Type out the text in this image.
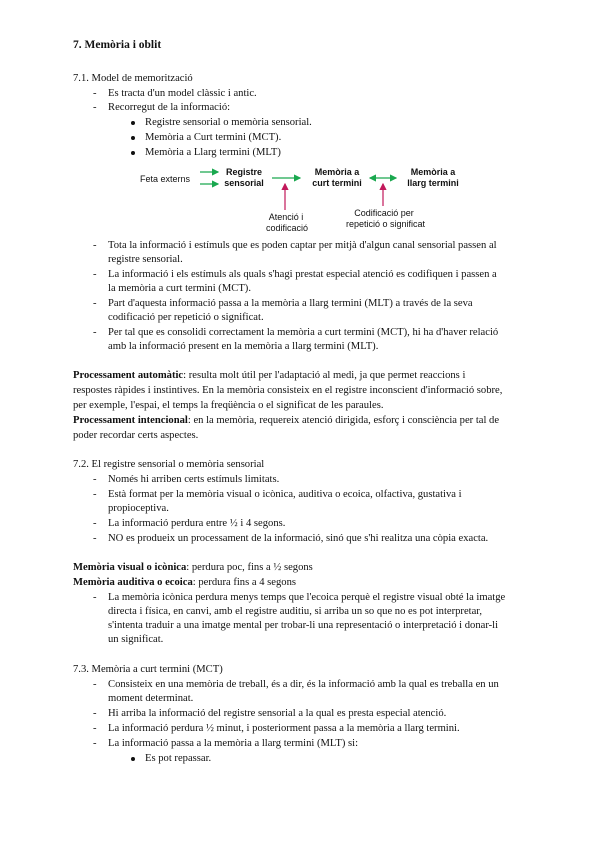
7. Memòria i oblit
7.1. Model de memorització
- Es tracta d'un model clàssic i antic.
- Recorregut de la informació:
Registre sensorial o memòria sensorial.
Memòria a Curt termini (MCT).
Memòria a Llarg termini (MLT)
Feta externs
Registre
sensorial
Memòria a
curt termini
Memòria a
llarg termini
Atenció i
codificació
Codificació per
repetició o significat
- Tota la informació i estímuls que es poden captar per mitjà d'algun canal sensorial passen al
registre sensorial.
- La informació i els estímuls als quals s'hagi prestat especial atenció es codifiquen i passen a
la memòria a curt termini (MCT).
- Part d'aquesta informació passa a la memòria a llarg termini (MLT) a través de la seva
codificació per repetició o significat.
- Per tal que es consolidi correctament la memòria a curt termini (MCT), hi ha d'haver relació
amb la informació present en la memòria a llarg termini (MLT).
Processament automàtic: resulta molt útil per l'adaptació al medi, ja que permet reaccions i
respostes ràpides i instintives. En la memòria consisteix en el registre inconscient d'informació sobre,
per exemple, l'espai, el temps la freqüència o el significat de les paraules.
Processament intencional: en la memòria, requereix atenció dirigida, esforç i consciència per tal de
poder recordar certs aspectes.
7.2. El registre sensorial o memòria sensorial
- Només hi arriben certs estímuls limitats.
- Està format per la memòria visual o icònica, auditiva o ecoica, olfactiva, gustativa i
propioceptiva.
- La informació perdura entre ½ i 4 segons.
- NO es produeix un processament de la informació, sinó que s'hi realitza una còpia exacta.
Memòria visual o icònica: perdura poc, fins a ½ segons
Memòria auditiva o ecoica: perdura fins a 4 segons
- La memòria icònica perdura menys temps que l'ecoica perquè el registre visual obté la imatge
directa i física, en canvi, amb el registre auditiu, si arriba un so que no es pot interpretar,
s'intenta traduir a una imatge mental per trobar-li una representació o interpretació i donar-li
un significat.
7.3. Memòria a curt termini (MCT)
- Consisteix en una memòria de treball, és a dir, és la informació amb la qual es treballa en un
moment determinat.
- Hi arriba la informació del registre sensorial a la qual es presta especial atenció.
- La informació perdura ½ minut, i posteriorment passa a la memòria a llarg termini.
- La informació passa a la memòria a llarg termini (MLT) si:
Es pot repassar.
